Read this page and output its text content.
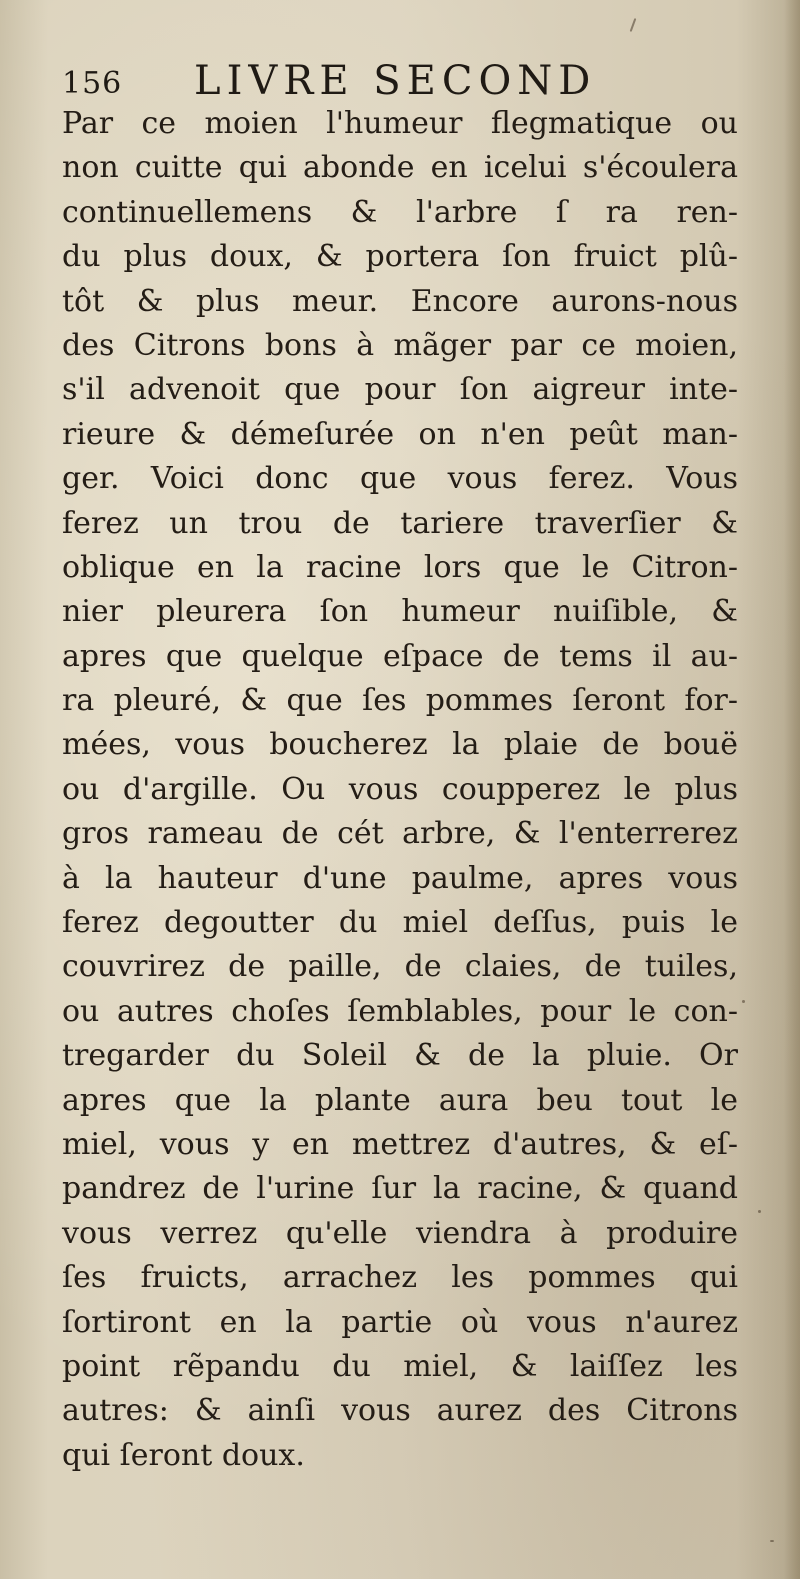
156 LIVRE SECOND
Par ce moien l'humeur flegmatique ou
non cuitte qui abonde en icelui s'écoulera
continuellemens & l'arbre ſ ra ren-
du plus doux, & portera ſon fruict plû-
tôt & plus meur. Encore aurons-nous
des Citrons bons à mãger par ce moien,
s'il advenoit que pour ſon aigreur inte-
rieure & démeſurée on n'en peût man-
ger. Voici donc que vous ferez. Vous
ferez un trou de tariere traverſier &
oblique en la racine lors que le Citron-
nier pleurera ſon humeur nuiſible, &
apres que quelque eſpace de tems il au-
ra pleuré, & que ſes pommes ſeront for-
mées, vous boucherez la plaie de bouë
ou d'argille. Ou vous coupperez le plus
gros rameau de cét arbre, & l'enterrerez
à la hauteur d'une paulme, apres vous
ferez degoutter du miel deſſus, puis le
couvrirez de paille, de claies, de tuiles,
ou autres choſes ſemblables, pour le con-
tregarder du Soleil & de la pluie. Or
apres que la plante aura beu tout le
miel, vous y en mettrez d'autres, & eſ-
pandrez de l'urine ſur la racine, & quand
vous verrez qu'elle viendra à produire
ſes fruicts, arrachez les pommes qui
ſortiront en la partie où vous n'aurez
point rẽpandu du miel, & laiſſez les
autres: & ainſi vous aurez des Citrons
qui ſeront doux.
